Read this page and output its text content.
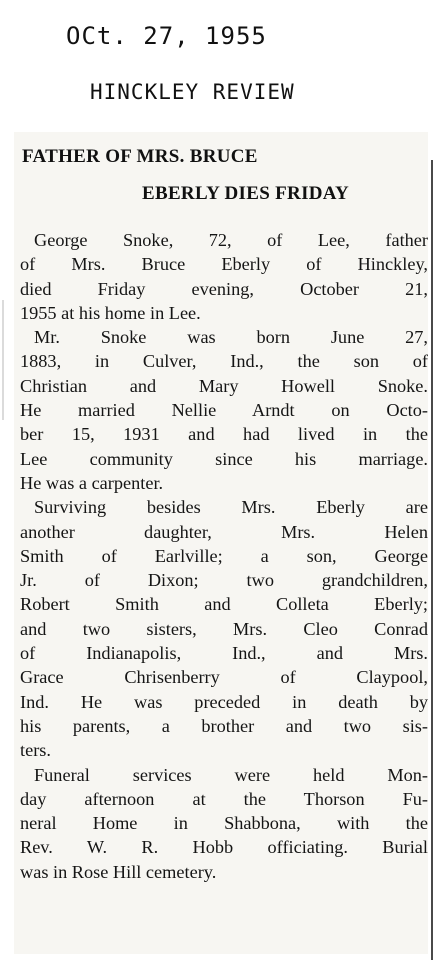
OCt. 27, 1955
HINCKLEY REVIEW
FATHER OF MRS. BRUCE
EBERLY DIES FRIDAY
George Snoke, 72, of Lee, father
of Mrs. Bruce Eberly of Hinckley,
died Friday evening, October 21,
1955 at his home in Lee.
Mr. Snoke was born June 27,
1883, in Culver, Ind., the son of
Christian and Mary Howell Snoke.
He married Nellie Arndt on Octo-
ber 15, 1931 and had lived in the
Lee community since his marriage.
He was a carpenter.
Surviving besides Mrs. Eberly are
another daughter, Mrs. Helen
Smith of Earlville; a son, George
Jr. of Dixon; two grandchildren,
Robert Smith and Colleta Eberly;
and two sisters, Mrs. Cleo Conrad
of Indianapolis, Ind., and Mrs.
Grace Chrisenberry of Claypool,
Ind. He was preceded in death by
his parents, a brother and two sis-
ters.
Funeral services were held Mon-
day afternoon at the Thorson Fu-
neral Home in Shabbona, with the
Rev. W. R. Hobb officiating. Burial
was in Rose Hill cemetery.
